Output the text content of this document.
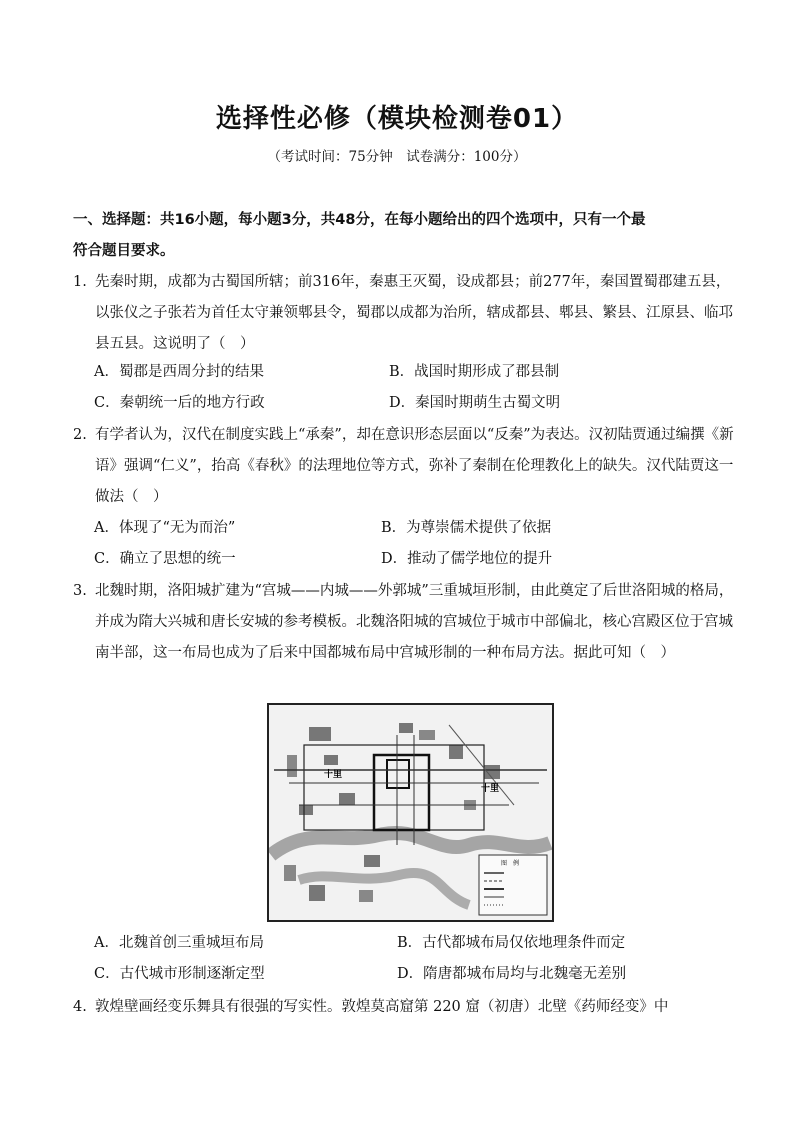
选择性必修（模块检测卷01）
（考试时间：75分钟　试卷满分：100分）
一、选择题：共16小题，每小题3分，共48分，在每小题给出的四个选项中，只有一个最
符合题目要求。
1. 先秦时期，成都为古蜀国所辖；前316年，秦惠王灭蜀，设成都县；前277年，秦国置蜀郡建五县，以张仪之子张若为首任太守兼领郫县令，蜀郡以成都为治所，辖成都县、郫县、繁县、江原县、临邛县五县。这说明了（　）
A．蜀郡是西周分封的结果	B．战国时期形成了郡县制
C．秦朝统一后的地方行政	D．秦国时期萌生古蜀文明
2. 有学者认为，汉代在制度实践上“承秦”，却在意识形态层面以“反秦”为表达。汉初陆贾通过编撰《新语》强调“仁义”，抬高《春秋》的法理地位等方式，弥补了秦制在伦理教化上的缺失。汉代陆贾这一做法（　）
A．体现了“无为而治”	B．为尊崇儒术提供了依据
C．确立了思想的统一	D．推动了儒学地位的提升
3. 北魏时期，洛阳城扩建为“宫城——内城——外郭城”三重城垣形制，由此奠定了后世洛阳城的格局，并成为隋大兴城和唐长安城的参考模板。北魏洛阳城的宫城位于城市中部偏北，核心宫殿区位于宫城南半部，这一布局也成为了后来中国都城布局中宫城形制的一种布局方法。据此可知（　）
十里
十里
图　例
A．北魏首创三重城垣布局	B．古代都城布局仅依地理条件而定
C．古代城市形制逐渐定型	D．隋唐都城布局均与北魏毫无差别
4. 敦煌壁画经变乐舞具有很强的写实性。敦煌莫高窟第 220 窟（初唐）北壁《药师经变》中
